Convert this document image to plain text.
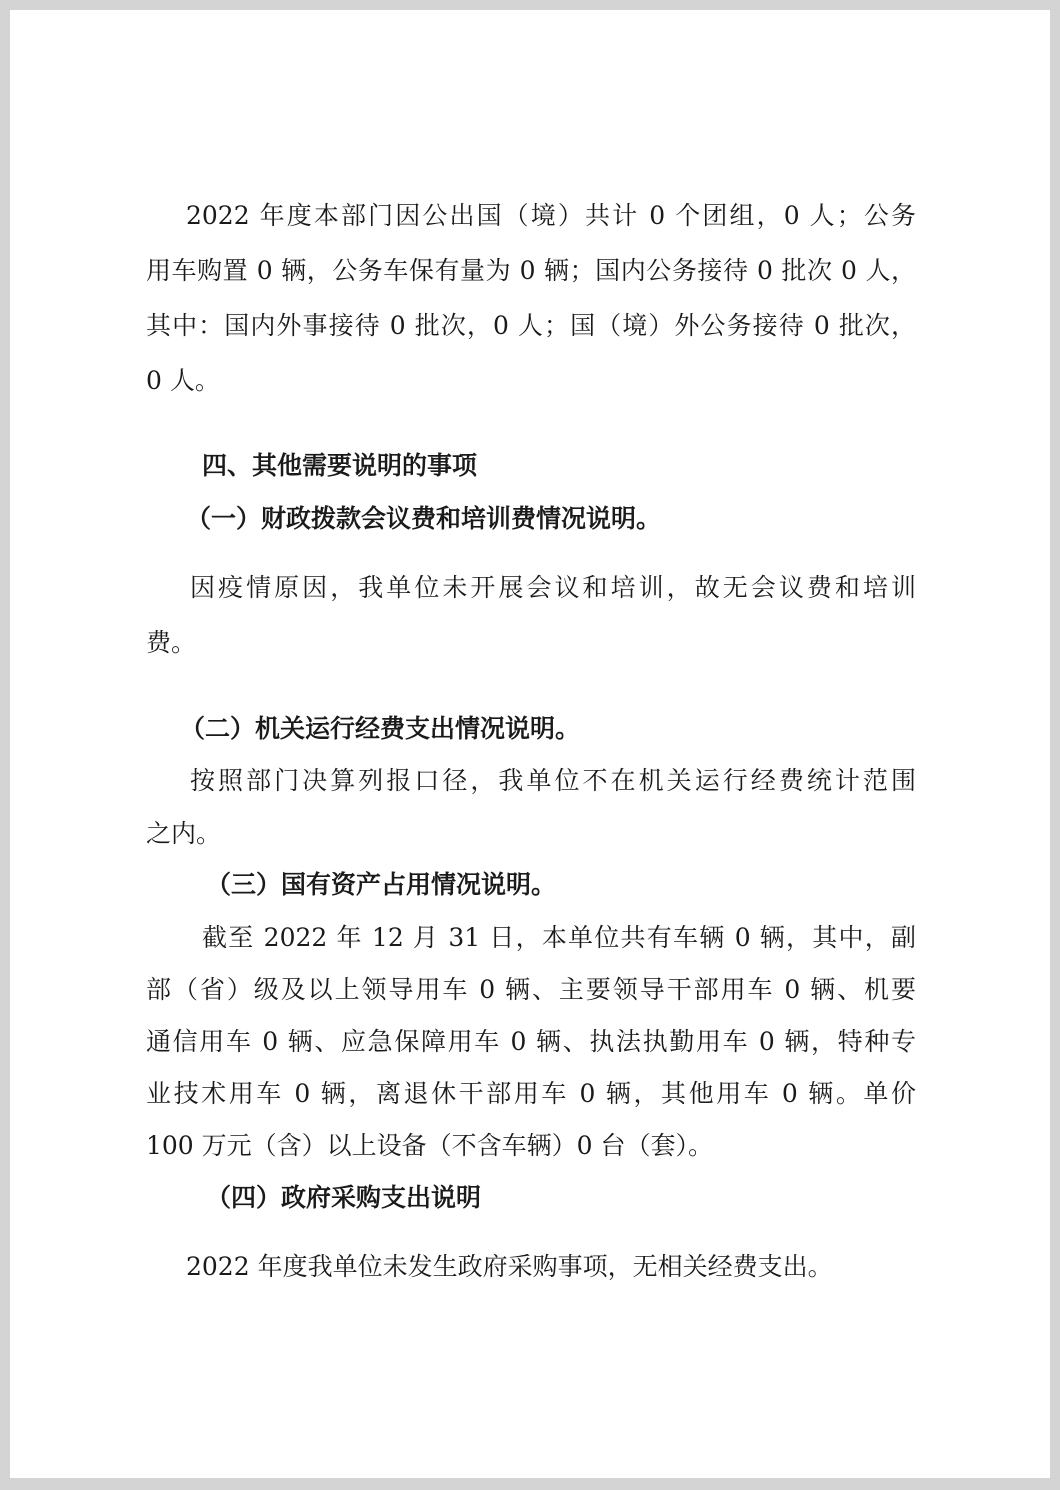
2022 年度本部门因公出国（境）共计 0 个团组，0 人；公务

用车购置 0 辆，公务车保有量为 0 辆；国内公务接待 0 批次 0 人，

其中：国内外事接待 0 批次，0 人；国（境）外公务接待 0 批次，

0 人。

四、其他需要说明的事项

（一）财政拨款会议费和培训费情况说明。

因疫情原因，我单位未开展会议和培训，故无会议费和培训

费。

（二）机关运行经费支出情况说明。

按照部门决算列报口径，我单位不在机关运行经费统计范围

之内。

（三）国有资产占用情况说明。

截至 2022 年 12 月 31 日，本单位共有车辆 0 辆，其中，副

部（省）级及以上领导用车 0 辆、主要领导干部用车 0 辆、机要

通信用车 0 辆、应急保障用车 0 辆、执法执勤用车 0 辆，特种专

业技术用车 0 辆，离退休干部用车 0 辆，其他用车 0 辆。单价

100 万元（含）以上设备（不含车辆）0 台（套）。

（四）政府采购支出说明

2022 年度我单位未发生政府采购事项，无相关经费支出。
